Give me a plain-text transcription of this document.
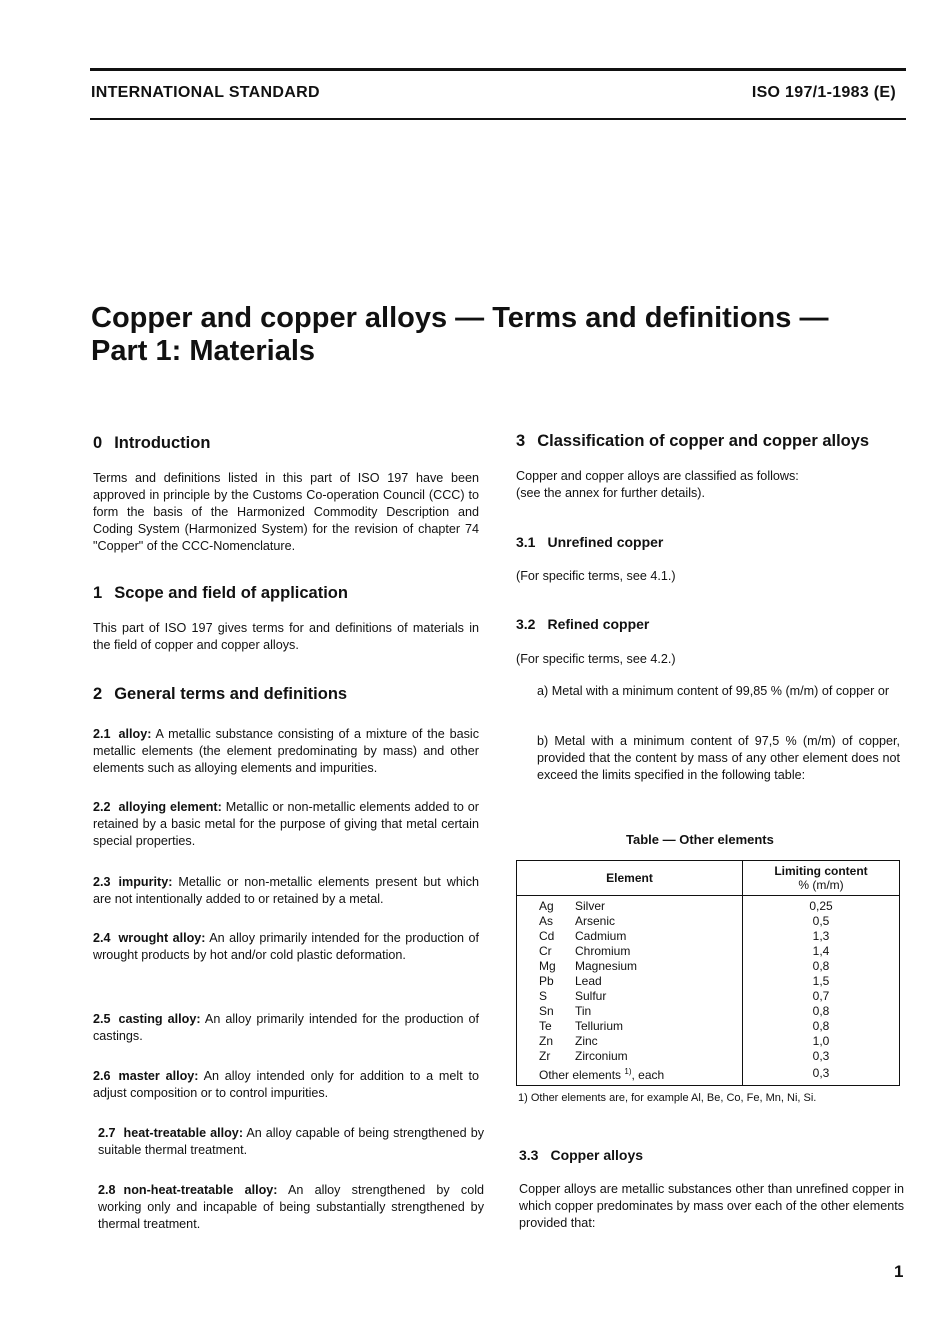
INTERNATIONAL STANDARD	ISO 197/1-1983 (E)
Copper and copper alloys — Terms and definitions —
Part 1: Materials
0 Introduction
Terms and definitions listed in this part of ISO 197 have been approved in principle by the Customs Co-operation Council (CCC) to form the basis of the Harmonized Commodity Description and Coding System (Harmonized System) for the revision of chapter 74 "Copper" of the CCC-Nomenclature.
1 Scope and field of application
This part of ISO 197 gives terms for and definitions of materials in the field of copper and copper alloys.
2 General terms and definitions
2.1 alloy: A metallic substance consisting of a mixture of the basic metallic elements (the element predominating by mass) and other elements such as alloying elements and impurities.
2.2 alloying element: Metallic or non-metallic elements added to or retained by a basic metal for the purpose of giving that metal certain special properties.
2.3 impurity: Metallic or non-metallic elements present but which are not intentionally added to or retained by a metal.
2.4 wrought alloy: An alloy primarily intended for the production of wrought products by hot and/or cold plastic deformation.
2.5 casting alloy: An alloy primarily intended for the production of castings.
2.6 master alloy: An alloy intended only for addition to a melt to adjust composition or to control impurities.
2.7 heat-treatable alloy: An alloy capable of being strengthened by suitable thermal treatment.
2.8 non-heat-treatable alloy: An alloy strengthened by cold working only and incapable of being substantially strengthened by thermal treatment.
3 Classification of copper and copper alloys
Copper and copper alloys are classified as follows:
(see the annex for further details).
3.1 Unrefined copper
(For specific terms, see 4.1.)
3.2 Refined copper
(For specific terms, see 4.2.)
a) Metal with a minimum content of 99,85 % (m/m) of copper or
b) Metal with a minimum content of 97,5 % (m/m) of copper, provided that the content by mass of any other element does not exceed the limits specified in the following table:
Table — Other elements
Element		Limiting content
% (m/m)

Ag	Silver	0,25
As	Arsenic	0,5
Cd	Cadmium	1,3
Cr	Chromium	1,4
Mg	Magnesium	0,8
Pb	Lead	1,5
S	Sulfur	0,7
Sn	Tin	0,8
Te	Tellurium	0,8
Zn	Zinc	1,0
Zr	Zirconium	0,3
Other elements $^{1)}$, each		0,3
1) Other elements are, for example Al, Be, Co, Fe, Mn, Ni, Si.
3.3 Copper alloys
Copper alloys are metallic substances other than unrefined copper in which copper predominates by mass over each of the other elements provided that:
1
